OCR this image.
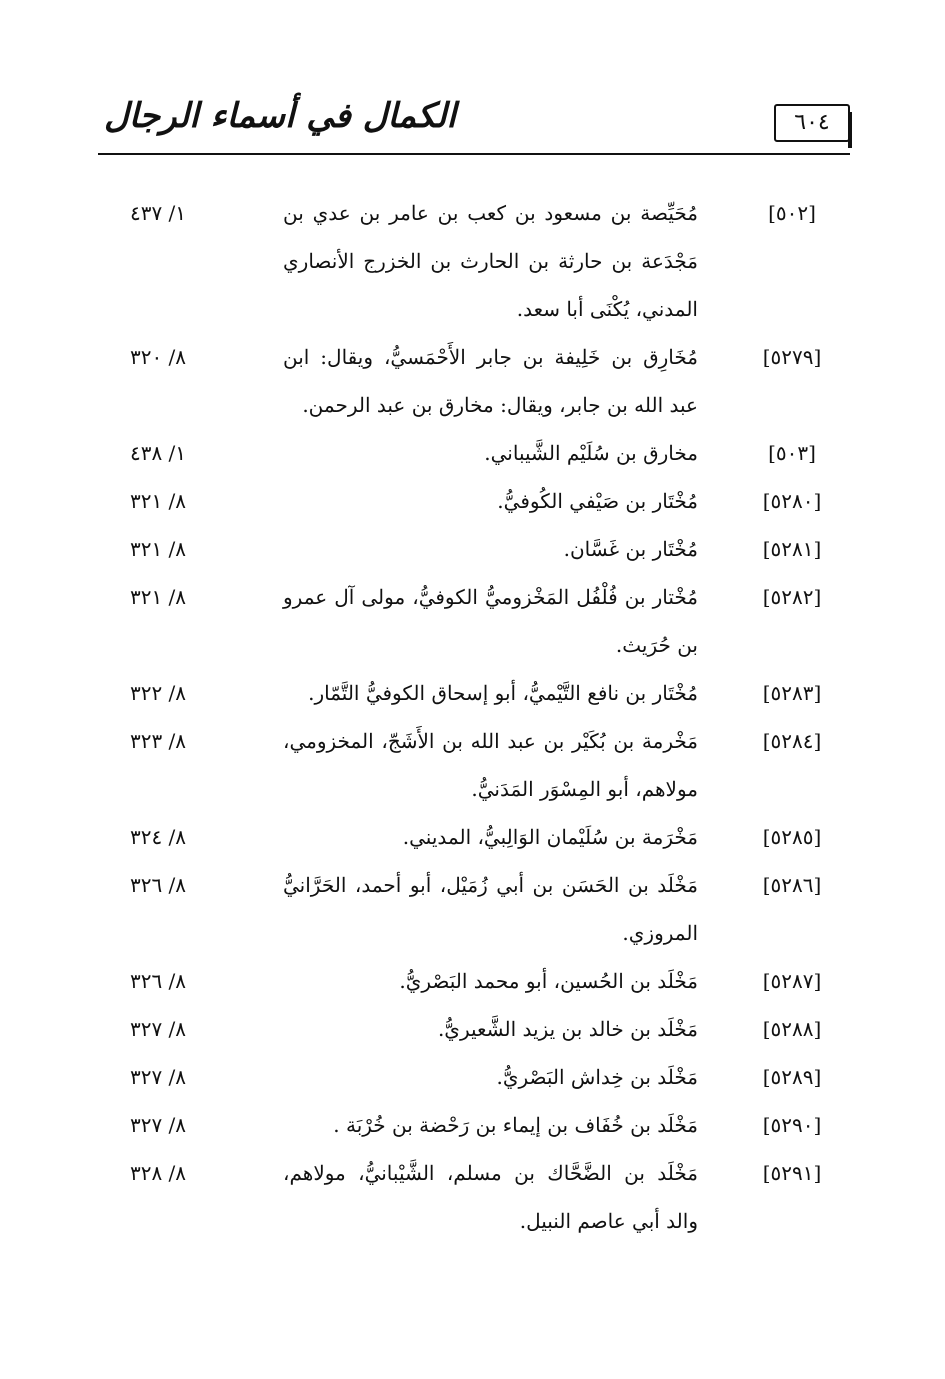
٦٠٤
الكمال في أسماء الرجال
[٥٠٢]
مُحَيِّصة بن مسعود بن كعب بن عامر بن عدي بن مَجْدَعة بن حارثة بن الحارث بن الخزرج الأنصاري المدني، يُكْنَى أبا سعد.
١/ ٤٣٧
[٥٢٧٩]
مُخَارِق بن خَلِيفة بن جابر الأَحْمَسيُّ، ويقال: ابن عبد الله بن جابر، ويقال: مخارق بن عبد الرحمن.
٨/ ٣٢٠
[٥٠٣]
مخارق بن سُلَيْم الشَّيباني.
١/ ٤٣٨
[٥٢٨٠]
مُخْتَار بن صَيْفي الكُوفيُّ.
٨/ ٣٢١
[٥٢٨١]
مُخْتَار بن غَسَّان.
٨/ ٣٢١
[٥٢٨٢]
مُخْتار بن فُلْفُل المَخْزوميُّ الكوفيُّ، مولى آل عمرو بن حُرَيث.
٨/ ٣٢١
[٥٢٨٣]
مُخْتَار بن نافع التَّيْميُّ، أبو إسحاق الكوفيُّ التَّمّار.
٨/ ٣٢٢
[٥٢٨٤]
مَخْرمة بن بُكَيْر بن عبد الله بن الأَشَجّ، المخزومي، مولاهم، أبو المِسْوَر المَدَنيُّ.
٨/ ٣٢٣
[٥٢٨٥]
مَخْرَمة بن سُلَيْمان الوَالِبيُّ، المديني.
٨/ ٣٢٤
[٥٢٨٦]
مَخْلَد بن الحَسَن بن أبي زُمَيْل، أبو أحمد، الحَرَّانيُّ المروزي.
٨/ ٣٢٦
[٥٢٨٧]
مَخْلَد بن الحُسين، أبو محمد البَصْريُّ.
٨/ ٣٢٦
[٥٢٨٨]
مَخْلَد بن خالد بن يزيد الشَّعيريُّ.
٨/ ٣٢٧
[٥٢٨٩]
مَخْلَد بن خِداش البَصْريُّ.
٨/ ٣٢٧
[٥٢٩٠]
مَخْلَد بن خُفَاف بن إيماء بن رَحْضة بن خُرْبَة .
٨/ ٣٢٧
[٥٢٩١]
مَخْلَد بن الضَّحَّاك بن مسلم، الشَّيْبانيُّ، مولاهم، والد أبي عاصم النبيل.
٨/ ٣٢٨
